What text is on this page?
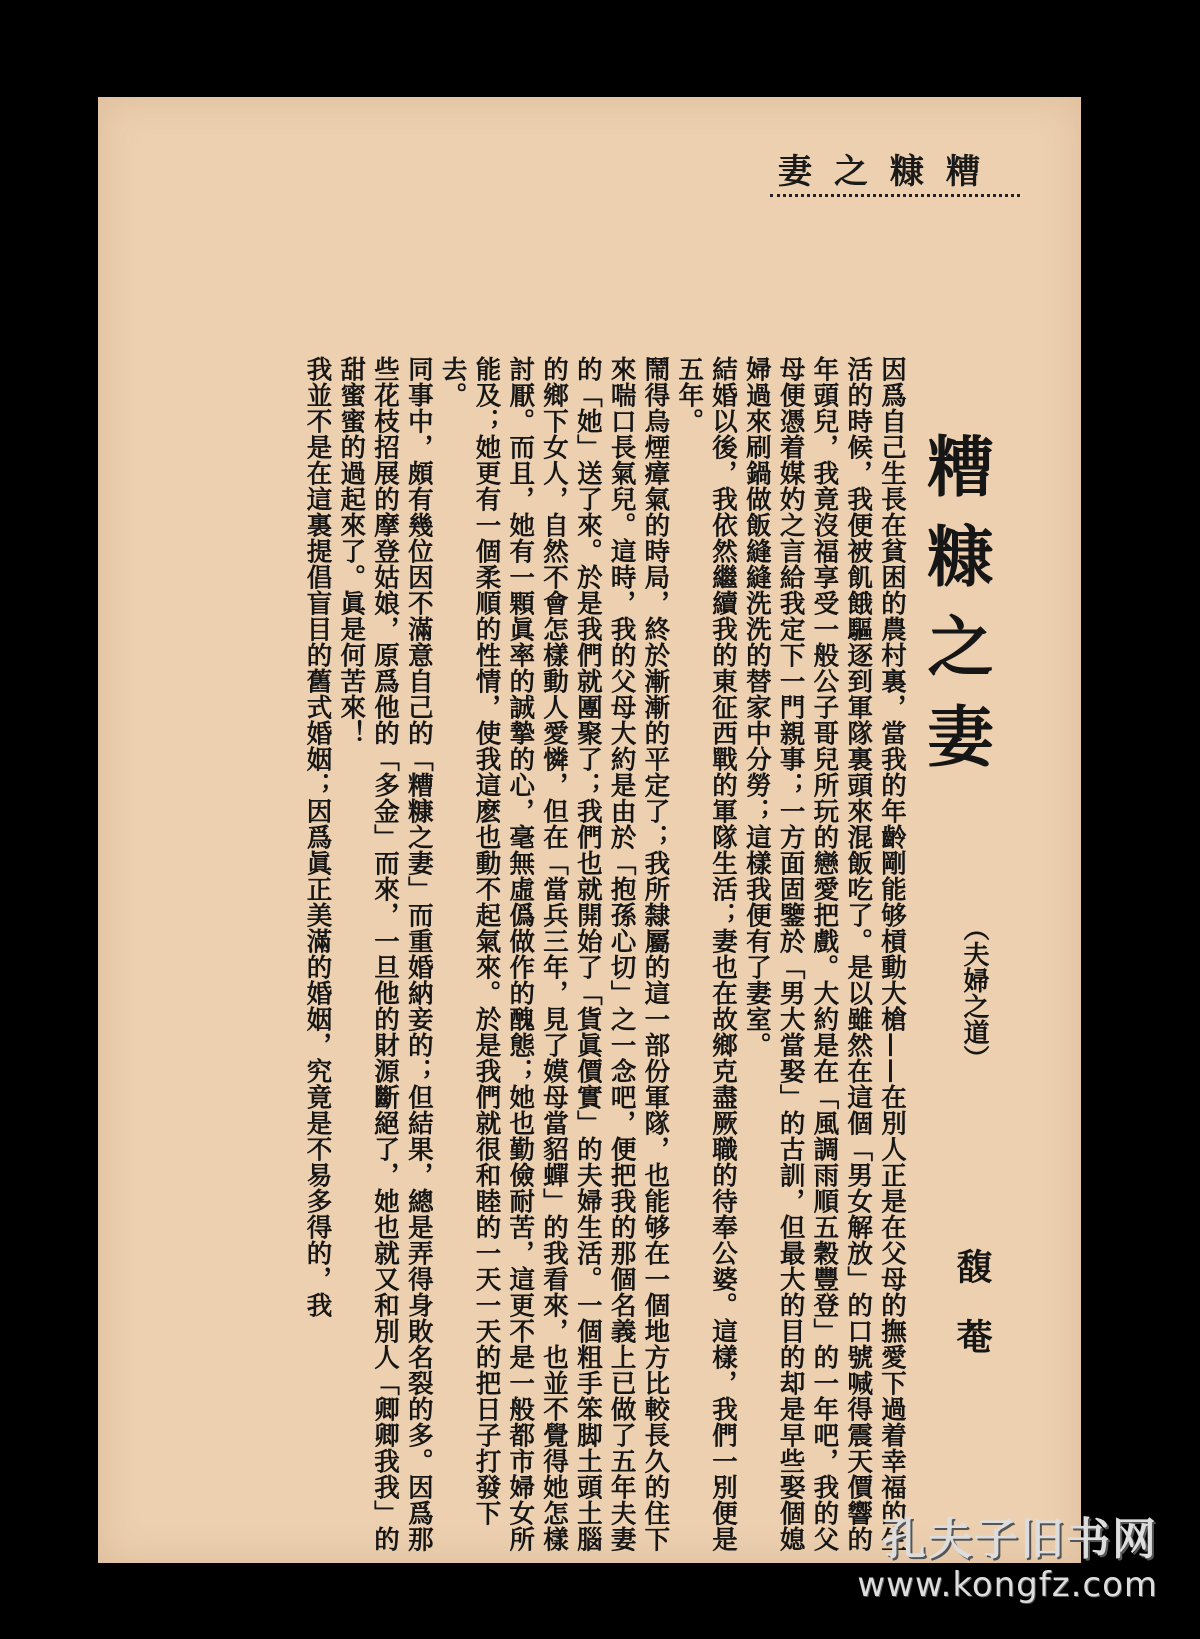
糟糠之妻
糟糠之妻
（夫婦之道）
馥菴

因爲自己生長在貧困的農村裏，當我的年齡剛能够槓動大槍——在別人正是在父母的撫愛下過着幸福的生活的時候，我便被飢餓驅逐到軍隊裏頭來混飯吃了。是以雖然在這個「男女解放」的口號喊得震天價響的年頭兒，我竟沒福享受一般公子哥兒所玩的戀愛把戲。大約是在「風調雨順五穀豐登」的一年吧，我的父母便憑着媒妁之言給我定下一門親事；一方面固鑒於「男大當娶」的古訓，但最大的目的却是早些娶個媳婦過來刷鍋做飯縫縫洗洗的替家中分勞；這樣我便有了妻室。

結婚以後，我依然繼續我的東征西戰的軍隊生活；妻也在故鄉克盡厥職的待奉公婆。這樣，我們一別便是五年。

鬧得烏煙瘴氣的時局，終於漸漸的平定了；我所隸屬的這一部份軍隊，也能够在一個地方比較長久的住下來喘口長氣兒。這時，我的父母大約是由於「抱孫心切」之一念吧，便把我的那個名義上已做了五年夫妻的「她」送了來。於是我們就團聚了；我們也就開始了「貨眞價實」的夫婦生活。一個粗手笨脚土頭土腦的鄉下女人，自然不會怎樣動人愛憐，但在「當兵三年，見了嫫母當貂蟬」的我看來，也並不覺得她怎樣討厭。而且，她有一顆眞率的誠摯的心，毫無虛僞做作的醜態；她也勤儉耐苦，這更不是一般都市婦女所能及；她更有一個柔順的性情，使我這麽也動不起氣來。於是我們就很和睦的一天一天的把日子打發下去。

同事中，頗有幾位因不滿意自己的「糟糠之妻」而重婚納妾的；但結果，總是弄得身敗名裂的多。因爲那些花枝招展的摩登姑娘，原爲他的「多金」而來，一旦他的財源斷絕了，她也就又和別人「卿卿我我」的甜蜜蜜的過起來了。眞是何苦來！

我並不是在這裏提倡盲目的舊式婚姻；因爲眞正美滿的婚姻，究竟是不易多得的，我

孔夫子旧书网
www.kongfz.com
